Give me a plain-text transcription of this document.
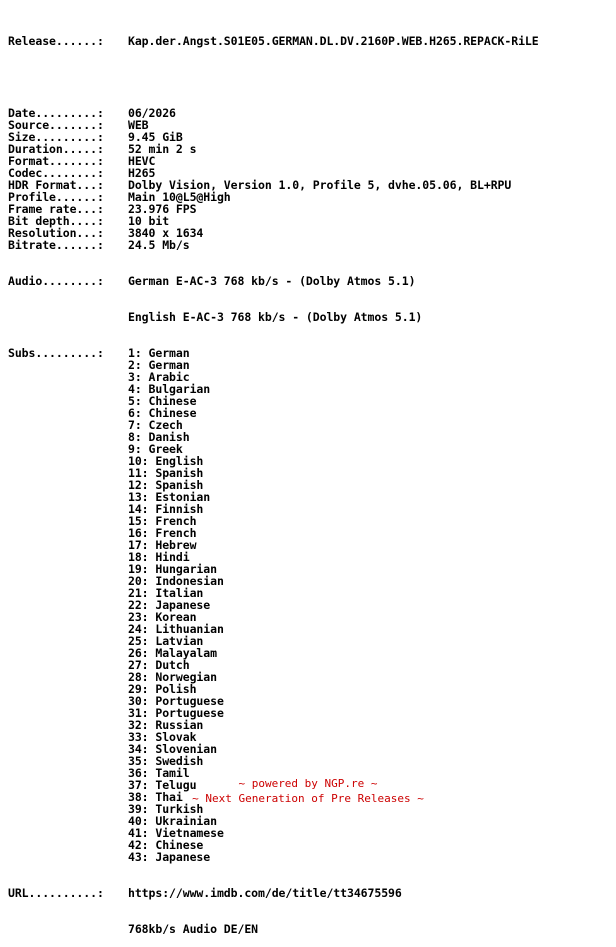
Release......:	Kap.der.Angst.S01E05.GERMAN.DL.DV.2160P.WEB.H265.REPACK-RiLE

Date.........:	06/2026
Source.......:	WEB
Size.........:	9.45 GiB
Duration.....:	52 min 2 s
Format.......:	HEVC
Codec........:	H265
HDR Format...:	Dolby Vision, Version 1.0, Profile 5, dvhe.05.06, BL+RPU
Profile......:	Main 10@L5@High
Frame rate...:	23.976 FPS
Bit depth....:	10 bit
Resolution...:	3840 x 1634
Bitrate......:	24.5 Mb/s

Audio........:	German E-AC-3 768 kb/s - (Dolby Atmos 5.1)

English E-AC-3 768 kb/s - (Dolby Atmos 5.1)

Subs.........:	1: German
2: German
3: Arabic
4: Bulgarian
5: Chinese
6: Chinese
7: Czech
8: Danish
9: Greek
10: English
11: Spanish
12: Spanish
13: Estonian
14: Finnish
15: French
16: French
17: Hebrew
18: Hindi
19: Hungarian
20: Indonesian
21: Italian
22: Japanese
23: Korean
24: Lithuanian
25: Latvian
26: Malayalam
27: Dutch
28: Norwegian
29: Polish
30: Portuguese
31: Portuguese
32: Russian
33: Slovak
34: Slovenian
35: Swedish
36: Tamil
37: Telugu
38: Thai
39: Turkish
40: Ukrainian
41: Vietnamese
42: Chinese
43: Japanese

URL..........:	https://www.imdb.com/de/title/tt34675596

768kb/s Audio DE/EN

~ powered by NGP.re ~
~ Next Generation of Pre Releases ~
